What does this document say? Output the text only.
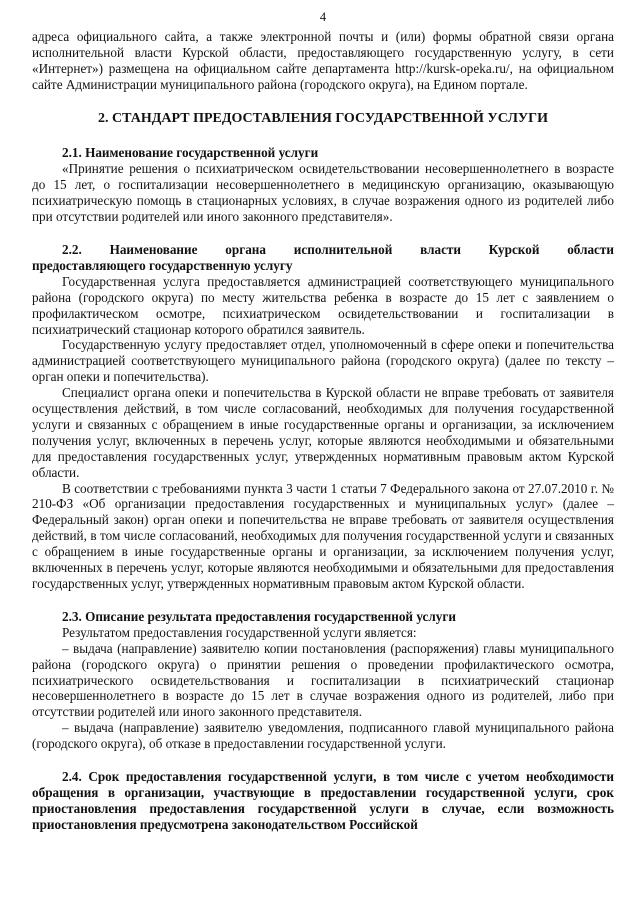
4

адреса официального сайта, а также электронной почты и (или) формы обратной связи органа исполнительной власти Курской области, предоставляющего государственную услугу, в сети «Интернет») размещена на официальном сайте департамента http://kursk-opeka.ru/, на официальном сайте Администрации муниципального района (городского округа), на Едином портале.

2. СТАНДАРТ ПРЕДОСТАВЛЕНИЯ ГОСУДАРСТВЕННОЙ УСЛУГИ

2.1. Наименование государственной услуги

«Принятие решения о психиатрическом освидетельствовании несовершеннолетнего в возрасте до 15 лет, о госпитализации несовершеннолетнего в медицинскую организацию, оказывающую психиатрическую помощь в стационарных условиях, в случае возражения одного из родителей либо при отсутствии родителей или иного законного представителя».

2.2. Наименование органа исполнительной власти Курской области

предоставляющего государственную услугу

Государственная услуга предоставляется администрацией соответствующего муниципального района (городского округа) по месту жительства ребенка в возрасте до 15 лет с заявлением о профилактическом осмотре, психиатрическом освидетельствовании и госпитализации в психиатрический стационар которого обратился заявитель.

Государственную услугу предоставляет отдел, уполномоченный в сфере опеки и попечительства администрацией соответствующего муниципального района (городского округа) (далее по тексту – орган опеки и попечительства).

Специалист органа опеки и попечительства в Курской области не вправе требовать от заявителя осуществления действий, в том числе согласований, необходимых для получения государственной услуги и связанных с обращением в иные государственные органы и организации, за исключением получения услуг, включенных в перечень услуг, которые являются необходимыми и обязательными для предоставления государственных услуг, утвержденных нормативным правовым актом Курской области.

В соответствии с требованиями пункта 3 части 1 статьи 7 Федерального закона от 27.07.2010 г. № 210-ФЗ «Об организации предоставления государственных и муниципальных услуг» (далее – Федеральный закон) орган опеки и попечительства не вправе требовать от заявителя осуществления действий, в том числе согласований, необходимых для получения государственной услуги и связанных с обращением в иные государственные органы и организации, за исключением получения услуг, включенных в перечень услуг, которые являются необходимыми и обязательными для предоставления государственных услуг, утвержденных нормативным правовым актом Курской области.

2.3. Описание результата предоставления государственной услуги

Результатом предоставления государственной услуги является:

– выдача (направление) заявителю копии постановления (распоряжения) главы муниципального района (городского округа) о принятии решения о проведении профилактического осмотра, психиатрического освидетельствования и госпитализации в психиатрический стационар несовершеннолетнего в возрасте до 15 лет в случае возражения одного из родителей, либо при отсутствии родителей или иного законного представителя.

– выдача (направление) заявителю уведомления, подписанного главой муниципального района (городского округа), об отказе в предоставлении государственной услуги.

2.4. Срок предоставления государственной услуги, в том числе с учетом необходимости обращения в организации, участвующие в предоставлении государственной услуги, срок приостановления предоставления государственной услуги в случае, если возможность приостановления предусмотрена законодательством Российской
